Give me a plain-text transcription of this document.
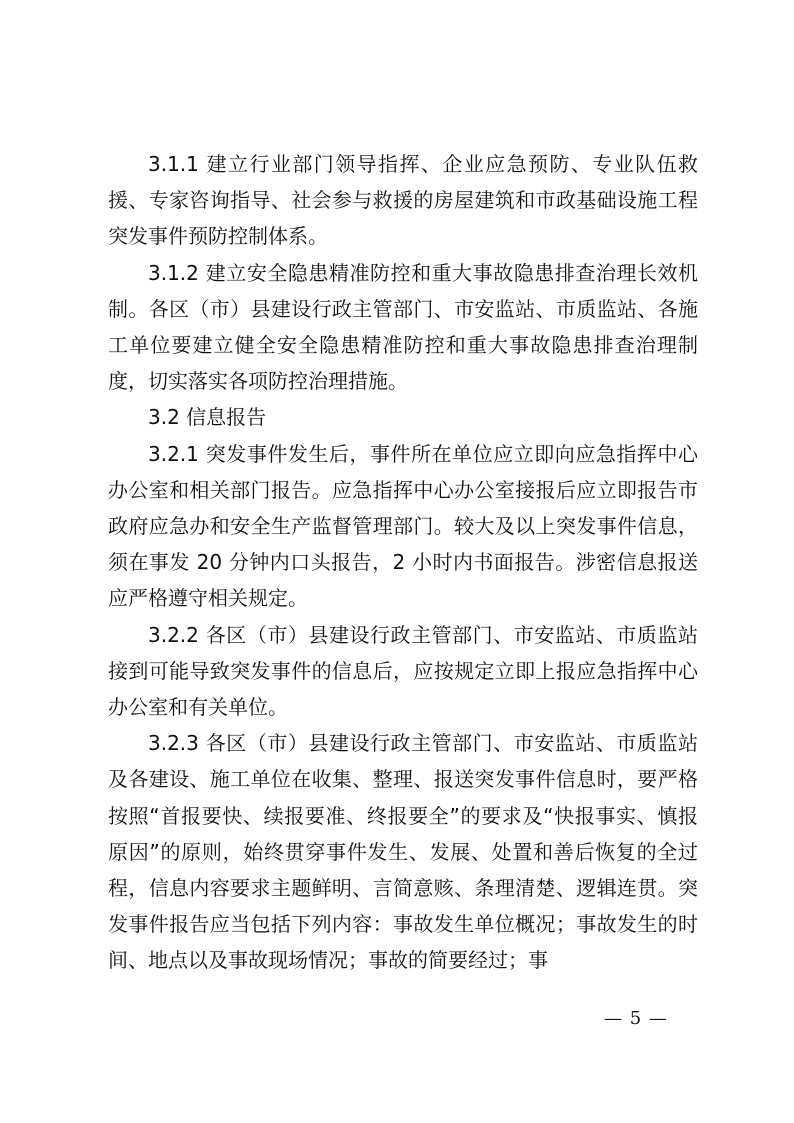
3.1.1 建立行业部门领导指挥、企业应急预防、专业队伍救援、专家咨询指导、社会参与救援的房屋建筑和市政基础设施工程突发事件预防控制体系。

3.1.2 建立安全隐患精准防控和重大事故隐患排查治理长效机制。各区（市）县建设行政主管部门、市安监站、市质监站、各施工单位要建立健全安全隐患精准防控和重大事故隐患排查治理制度，切实落实各项防控治理措施。

3.2 信息报告

3.2.1 突发事件发生后，事件所在单位应立即向应急指挥中心办公室和相关部门报告。应急指挥中心办公室接报后应立即报告市政府应急办和安全生产监督管理部门。较大及以上突发事件信息，须在事发 20 分钟内口头报告，2 小时内书面报告。涉密信息报送应严格遵守相关规定。

3.2.2 各区（市）县建设行政主管部门、市安监站、市质监站接到可能导致突发事件的信息后，应按规定立即上报应急指挥中心办公室和有关单位。

3.2.3 各区（市）县建设行政主管部门、市安监站、市质监站及各建设、施工单位在收集、整理、报送突发事件信息时，要严格按照“首报要快、续报要准、终报要全”的要求及“快报事实、慎报原因”的原则，始终贯穿事件发生、发展、处置和善后恢复的全过程，信息内容要求主题鲜明、言简意赅、条理清楚、逻辑连贯。突发事件报告应当包括下列内容：事故发生单位概况；事故发生的时间、地点以及事故现场情况；事故的简要经过；事

— 5 —
